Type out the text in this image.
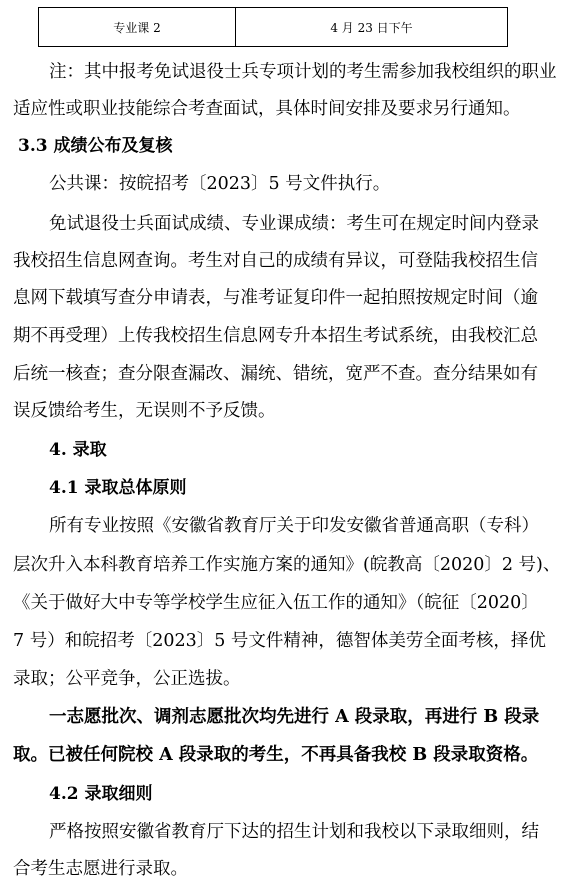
专业课 2	4 月 23 日下午
注：其中报考免试退役士兵专项计划的考生需参加我校组织的职业
适应性或职业技能综合考查面试，具体时间安排及要求另行通知。
3.3 成绩公布及复核
公共课：按皖招考〔2023〕5 号文件执行。
免试退役士兵面试成绩、专业课成绩：考生可在规定时间内登录
我校招生信息网查询。考生对自己的成绩有异议，可登陆我校招生信
息网下载填写查分申请表，与准考证复印件一起拍照按规定时间（逾
期不再受理）上传我校招生信息网专升本招生考试系统，由我校汇总
后统一核查；查分限查漏改、漏统、错统，宽严不查。查分结果如有
误反馈给考生，无误则不予反馈。
4. 录取
4.1 录取总体原则
所有专业按照《安徽省教育厅关于印发安徽省普通高职（专科）
层次升入本科教育培养工作实施方案的通知》(皖教高〔2020〕2 号)、
《关于做好大中专等学校学生应征入伍工作的通知》（皖征〔2020〕
7 号）和皖招考〔2023〕5 号文件精神，德智体美劳全面考核，择优
录取；公平竞争，公正选拔。
一志愿批次、调剂志愿批次均先进行 A 段录取，再进行 B 段录
取。已被任何院校 A 段录取的考生，不再具备我校 B 段录取资格。
4.2 录取细则
严格按照安徽省教育厅下达的招生计划和我校以下录取细则，结
合考生志愿进行录取。
